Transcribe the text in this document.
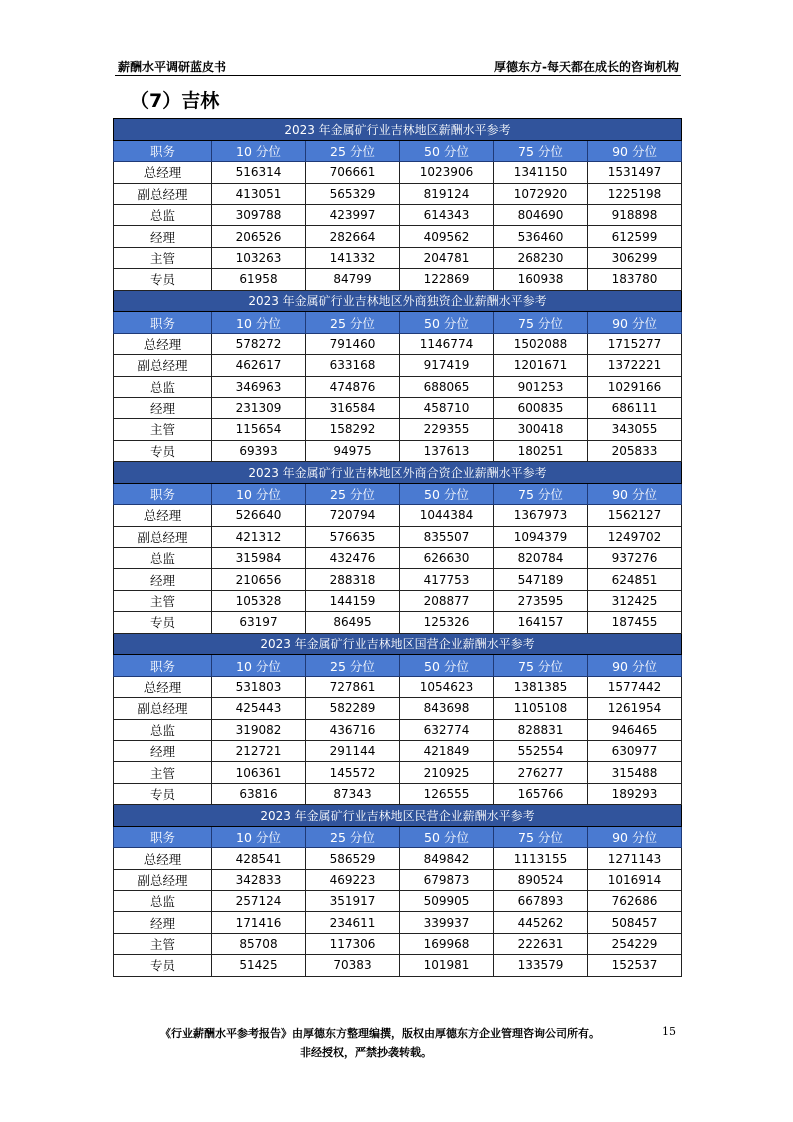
薪酬水平调研蓝皮书	厚德东方-每天都在成长的咨询机构
（7）吉林
2023 年金属矿行业吉林地区薪酬水平参考					
职务	10 分位	25 分位	50 分位	75 分位	90 分位
总经理	516314	706661	1023906	1341150	1531497
副总经理	413051	565329	819124	1072920	1225198
总监	309788	423997	614343	804690	918898
经理	206526	282664	409562	536460	612599
主管	103263	141332	204781	268230	306299
专员	61958	84799	122869	160938	183780
2023 年金属矿行业吉林地区外商独资企业薪酬水平参考					
职务	10 分位	25 分位	50 分位	75 分位	90 分位
总经理	578272	791460	1146774	1502088	1715277
副总经理	462617	633168	917419	1201671	1372221
总监	346963	474876	688065	901253	1029166
经理	231309	316584	458710	600835	686111
主管	115654	158292	229355	300418	343055
专员	69393	94975	137613	180251	205833
2023 年金属矿行业吉林地区外商合资企业薪酬水平参考					
职务	10 分位	25 分位	50 分位	75 分位	90 分位
总经理	526640	720794	1044384	1367973	1562127
副总经理	421312	576635	835507	1094379	1249702
总监	315984	432476	626630	820784	937276
经理	210656	288318	417753	547189	624851
主管	105328	144159	208877	273595	312425
专员	63197	86495	125326	164157	187455
2023 年金属矿行业吉林地区国营企业薪酬水平参考					
职务	10 分位	25 分位	50 分位	75 分位	90 分位
总经理	531803	727861	1054623	1381385	1577442
副总经理	425443	582289	843698	1105108	1261954
总监	319082	436716	632774	828831	946465
经理	212721	291144	421849	552554	630977
主管	106361	145572	210925	276277	315488
专员	63816	87343	126555	165766	189293
2023 年金属矿行业吉林地区民营企业薪酬水平参考					
职务	10 分位	25 分位	50 分位	75 分位	90 分位
总经理	428541	586529	849842	1113155	1271143
副总经理	342833	469223	679873	890524	1016914
总监	257124	351917	509905	667893	762686
经理	171416	234611	339937	445262	508457
主管	85708	117306	169968	222631	254229
专员	51425	70383	101981	133579	152537
《行业薪酬水平参考报告》由厚德东方整理编撰，版权由厚德东方企业管理咨询公司所有。
非经授权，严禁抄袭转载。
15
